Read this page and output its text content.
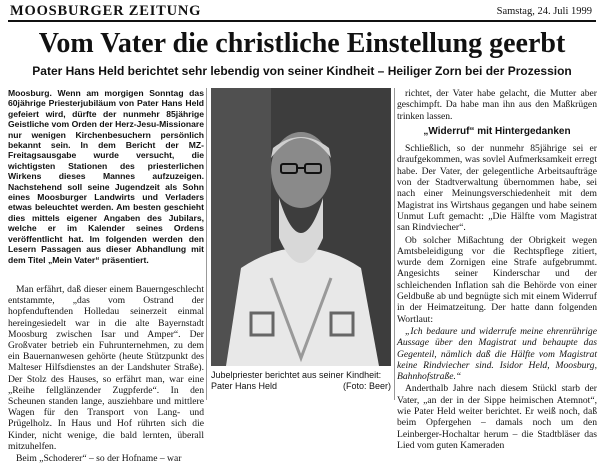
MOOSBURGER ZEITUNG	Samstag, 24. Juli 1999
Vom Vater die christliche Einstellung geerbt
Pater Hans Held berichtet sehr lebendig von seiner Kindheit – Heiliger Zorn bei der Prozession

Moosburg. Wenn am morgigen Sonntag das 60jährige Priesterjubiläum von Pater Hans Held gefeiert wird, dürfte der nunmehr 85jährige Geistliche vom Orden der Herz-Jesu-Missionare nur wenigen Kirchenbesuchern persönlich bekannt sein. In dem Bericht der MZ-Freitagsausgabe wurde versucht, die wichtigsten Stationen des priesterlichen Wirkens dieses Mannes aufzuzeigen. Nachstehend soll seine Jugendzeit als Sohn eines Moosburger Landwirts und Verladers etwas beleuchtet werden. Am besten geschieht dies mittels eigener Angaben des Jubilars, welche er im Kalender seines Ordens veröffentlicht hat. Im folgenden werden den Lesern Passagen aus dieser Abhandlung mit dem Titel „Mein Vater“ präsentiert.

Man erfährt, daß dieser einem Bauerngeschlecht entstammte, „das vom Ostrand der hopfenduftenden Holledau seinerzeit einmal hereingesiedelt war in die alte Bayernstadt Moosburg zwischen Isar und Amper“. Der Großvater betrieb ein Fuhrunternehmen, zu dem ein Bauernanwesen gehörte (heute Stützpunkt des Malteser Hilfsdienstes an der Landshuter Straße). Der Stolz des Hauses, so erfährt man, war eine „Reihe fellglänzender Zugpferde“. In den Scheunen standen lange, ausziehbare und mittlere Wagen für den Transport von Lang- und Prügelholz. In Haus und Hof rührten sich die Kinder, nicht wenige, die bald lernten, überall mitzuhelfen.

Beim „Schoderer“ – so der Hofname – war

Jubelpriester berichtet aus seiner Kindheit: Pater Hans Held	(Foto: Beer)

richtet, der Vater habe gelacht, die Mutter aber geschimpft. Da habe man ihn aus den Maßkrügen trinken lassen.

„Widerruf“ mit Hintergedanken

Schließlich, so der nunmehr 85jährige sei er draufgekommen, was sovlel Aufmerksamkeit erregt habe. Der Vater, der gelegentliche Arbeitsaufträge von der Stadtverwaltung übernommen habe, sei nach einer Meinungsverschiedenheit mit dem Magistrat ins Wirtshaus gegangen und habe seinem Unmut Luft gemacht: „Die Hälfte vom Magistrat san Rindviecher“.

Ob solcher Mißachtung der Obrigkeit wegen Amtsbeleidigung vor die Rechtspflege zitiert, wurde dem Zornigen eine Strafe aufgebrummt. Angesichts seiner Kinderschar und der schleichenden Inflation sah die Behörde von einer Geldbuße ab und begnügte sich mit einem Widerruf in der Heimatzeitung. Der hatte dann folgenden Wortlaut:

„Ich bedaure und widerrufe meine ehrenrührige Aussage über den Magistrat und behaupte das Gegenteil, nämlich daß die Hälfte vom Magistrat keine Rindviecher sind. Isidor Held, Moosburg, Bahnhofstraße.“

Anderthalb Jahre nach diesem Stückl starb der Vater, „an der in der Sippe heimischen Atemnot“, wie Pater Held weiter berichtet. Er weiß noch, daß beim Opfergehen – damals noch um den Leinberger-Hochaltar herum – die Stadtbläser das Lied vom guten Kameraden
